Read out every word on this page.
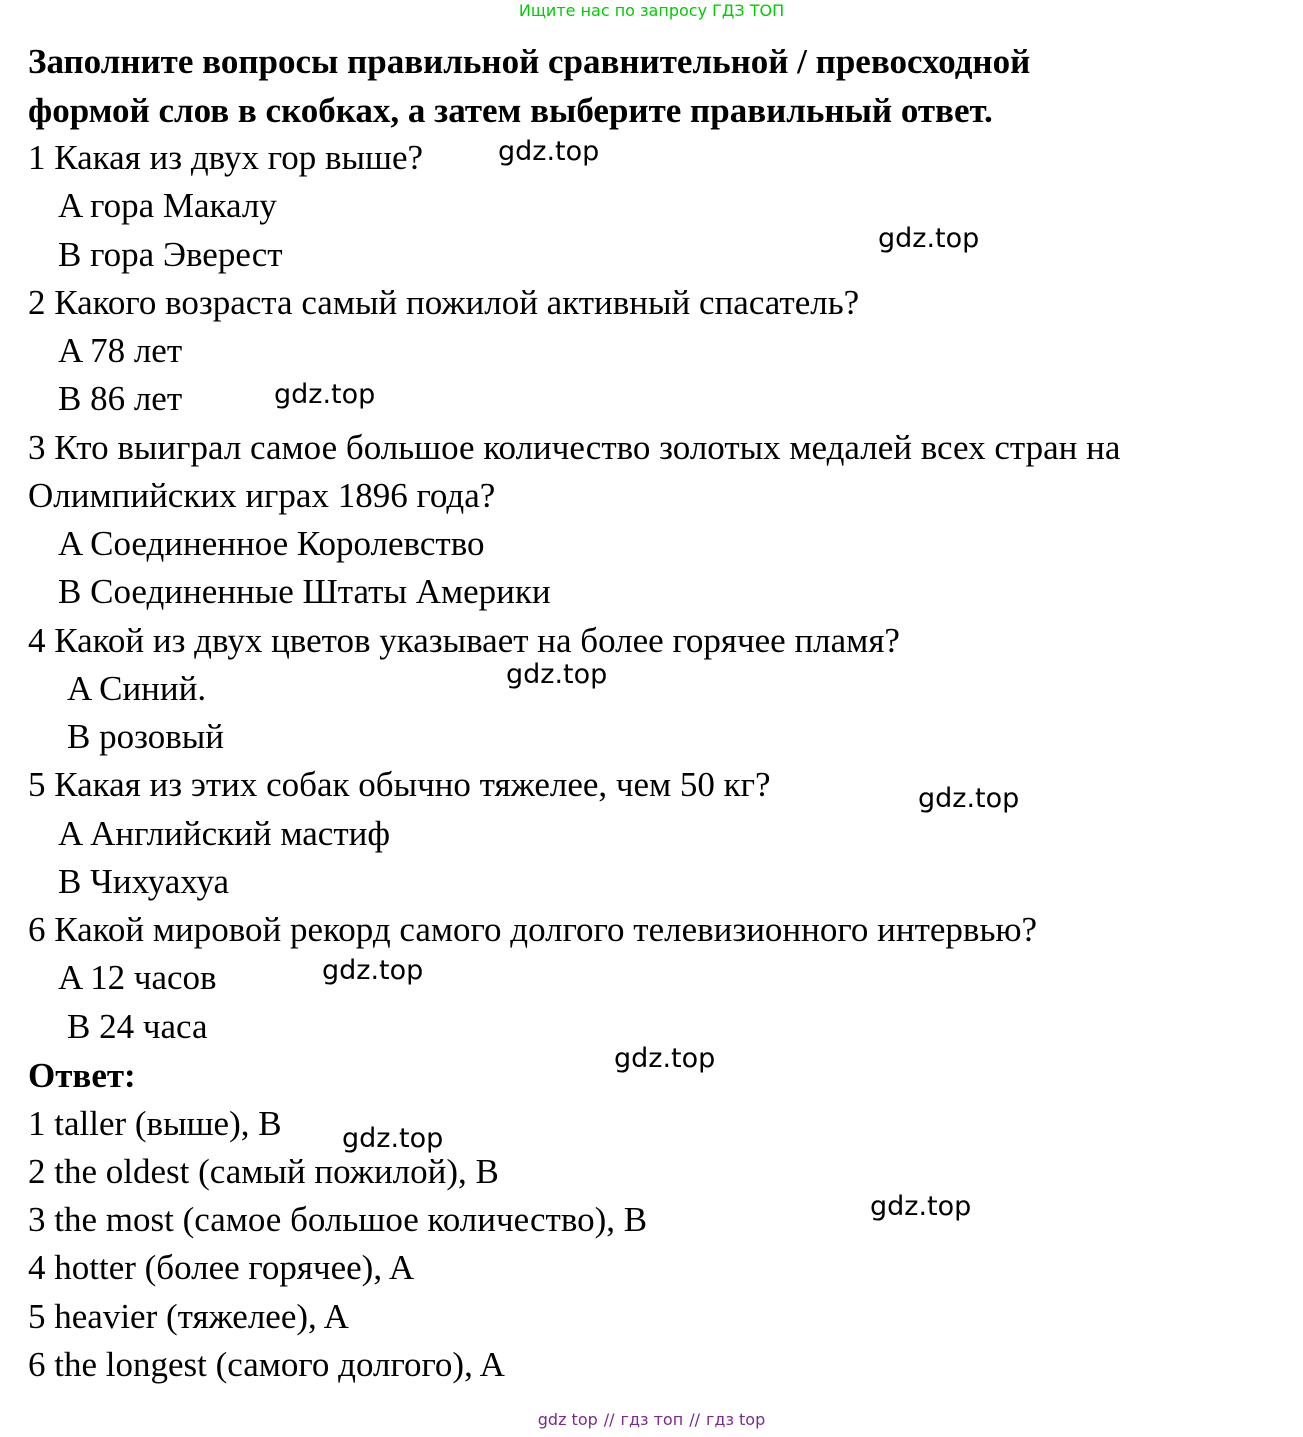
Ищите нас по запросу ГДЗ ТОП
Заполните вопросы правильной сравнительной / превосходной
формой слов в скобках, а затем выберите правильный ответ.
1 Какая из двух гор выше?
A гора Макалу
B гора Эверест
2 Какого возраста самый пожилой активный спасатель?
A 78 лет
B 86 лет
3 Кто выиграл самое большое количество золотых медалей всех стран на
Олимпийских играх 1896 года?
A Соединенное Королевство
B Соединенные Штаты Америки
4 Какой из двух цветов указывает на более горячее пламя?
A Синий.
B розовый
5 Какая из этих собак обычно тяжелее, чем 50 кг?
A Английский мастиф
B Чихуахуа
6 Какой мировой рекорд самого долгого телевизионного интервью?
A 12 часов
B 24 часа
Ответ:
1 taller (выше), B
2 the oldest (самый пожилой), B
3 the most (самое большое количество), B
4 hotter (более горячее), A
5 heavier (тяжелее), A
6 the longest (самого долгого), A
gdz.top
gdz.top
gdz.top
gdz.top
gdz.top
gdz.top
gdz.top
gdz.top
gdz.top
gdz top // гдз топ // гдз top
